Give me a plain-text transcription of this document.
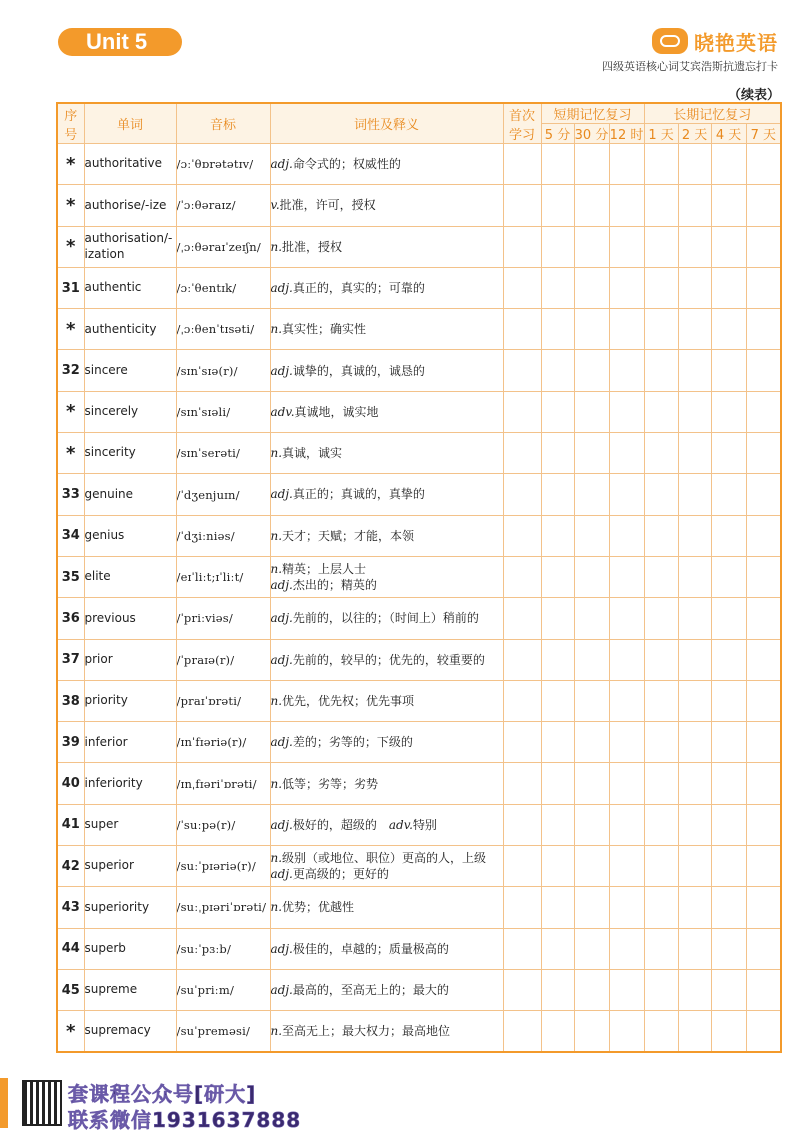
Unit 5	晓艳英语
四级英语核心词艾宾浩斯抗遗忘打卡
（续表）
序号	单词	音标	词性及释义	首次学习	短期记忆复习			长期记忆复习			
					5 分	30 分	12 时	1 天	2 天	4 天	7 天
*	authoritative	/ɔːˈθɒrətətɪv/	adj.命令式的；权威性的								
*	authorise/-ize	/ˈɔːθəraɪz/	v.批准，许可，授权								
*	authorisation/-ization	/ˌɔːθəraɪˈzeɪʃn/	n.批准，授权								
31	authentic	/ɔːˈθentɪk/	adj.真正的，真实的；可靠的								
*	authenticity	/ˌɔːθenˈtɪsəti/	n.真实性；确实性								
32	sincere	/sɪnˈsɪə(r)/	adj.诚挚的，真诚的，诚恳的								
*	sincerely	/sɪnˈsɪəli/	adv.真诚地，诚实地								
*	sincerity	/sɪnˈserəti/	n.真诚，诚实								
33	genuine	/ˈdʒenjuɪn/	adj.真正的；真诚的，真挚的								
34	genius	/ˈdʒiːniəs/	n.天才；天赋；才能，本领								
35	elite	/eɪˈliːt;ɪˈliːt/	n.精英；上层人士
adj.杰出的；精英的								
36	previous	/ˈpriːviəs/	adj.先前的，以往的；（时间上）稍前的								
37	prior	/ˈpraɪə(r)/	adj.先前的，较早的；优先的，较重要的								
38	priority	/praɪˈɒrəti/	n.优先，优先权；优先事项								
39	inferior	/ɪnˈfɪəriə(r)/	adj.差的；劣等的；下级的								
40	inferiority	/ɪnˌfɪəriˈɒrəti/	n.低等；劣等；劣势								
41	super	/ˈsuːpə(r)/	adj.极好的，超级的　adv.特别								
42	superior	/suːˈpɪəriə(r)/	n.级别（或地位、职位）更高的人，上级
adj.更高级的；更好的								
43	superiority	/suːˌpɪəriˈɒrəti/	n.优势；优越性								
44	superb	/suːˈpɜːb/	adj.极佳的，卓越的；质量极高的								
45	supreme	/suˈpriːm/	adj.最高的，至高无上的；最大的								
*	supremacy	/suˈpreməsi/	n.至高无上；最大权力；最高地位								
套课程公众号[研大]
联系微信1931637888
